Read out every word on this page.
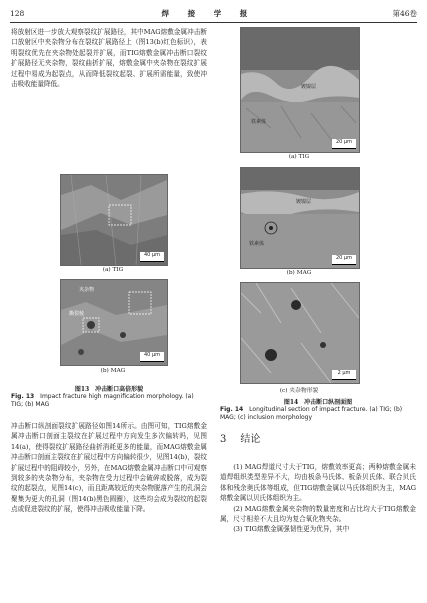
128	焊 接 学 报	第46卷
将放射区进一步放大观察裂纹扩展路径，其中MAG熔敷金属冲击断口放射区中夹杂物分布在裂纹扩展路径上（图13(b)红色标识），表明裂纹优先在夹杂物处起裂并扩展，而TIG熔敷金属冲击断口裂纹扩展路径无夹杂物，裂纹曲折扩展，熔敷金属中夹杂物在裂纹扩展过程中易成为起裂点，从而降低裂纹起裂、扩展所需能量，致使冲击吸收能量降低。
40 μm
(a) TIG
夹杂物
撕裂棱
40 μm
(b) MAG
图13　冲击断口高倍形貌
Fig. 13 Impact fracture high magnification morphology. (a) TIG; (b) MAG
冲击断口纵剖面裂纹扩展路径如图14所示。由图可知，TIG熔敷金属冲击断口剖面主裂纹在扩展过程中方向发生多次偏转吗，见图14(a)，使得裂纹扩展路径曲折消耗更多的能量，而MAG熔敷金属冲击断口剖面主裂纹在扩展过程中方向偏转很少，见图14(b)，裂纹扩展过程中的阻碍较小，另外，在MAG熔敷金属冲击断口中可观察到较多的夹杂物分布，夹杂物在受力过程中会破碎或脱落，成为裂纹的起裂点，见图14(c)，而且距离较近的夹杂物脱落产生的孔洞会聚集为更大的孔洞（图14(b)黑色圆圈），这些均会成为裂纹的起裂点或促进裂纹的扩展，使得冲击吸收能量下降。
镀镍层
铁素体
20 μm
(a) TIG
镀镍层
铁素体
20 μm
(b) MAG
2 μm
(c) 夹杂物形貌
图14　冲击断口纵剖面图
Fig. 14 Longitudinal section of impact fracture. (a) TIG; (b) MAG; (c) inclusion morphology
3 结论
(1) MAG焊道尺寸大于TIG，熔敷效率更高；两种熔敷金属未道焊组织类型差异不大，均由板条马氏体、板条贝氏体、联合贝氏体和残余奥氏体等组成，但TIG熔敷金属以马氏体组织为主，MAG熔敷金属以贝氏体组织为主。
(2) MAG熔敷金属夹杂物的数量密度和占比均大于TIG熔敷金属，尺寸相差不大且均为复合氧化物夹杂。
(3) TIG熔敷金属强韧性更为优异，其中
